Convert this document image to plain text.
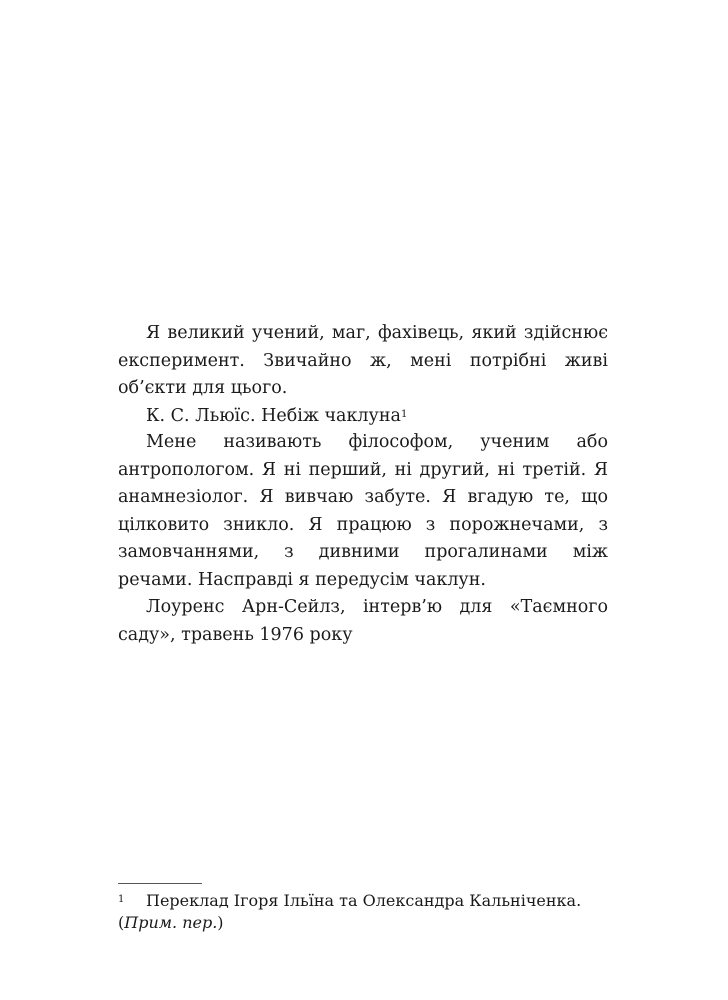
Я великий учений, маг, фахівець, який здійснює експеримент. Звичайно ж, мені потрібні живі об’єкти для цього.

К. С. Льюїс. Небіж чаклуна$^1$

Мене називають філософом, ученим або антропологом. Я ні перший, ні другий, ні третій. Я анамнезіолог. Я вивчаю забуте. Я вгадую те, що цілковито зникло. Я працюю з порожнечами, з замовчаннями, з дивними прогалинами між речами. Насправді я передусім чаклун.

Лоуренс Арн-Сейлз, інтерв’ю для «Таємного саду», травень 1976 року

1 Переклад Ігоря Ільїна та Олександра Кальніченка. (Прим. пер.)
